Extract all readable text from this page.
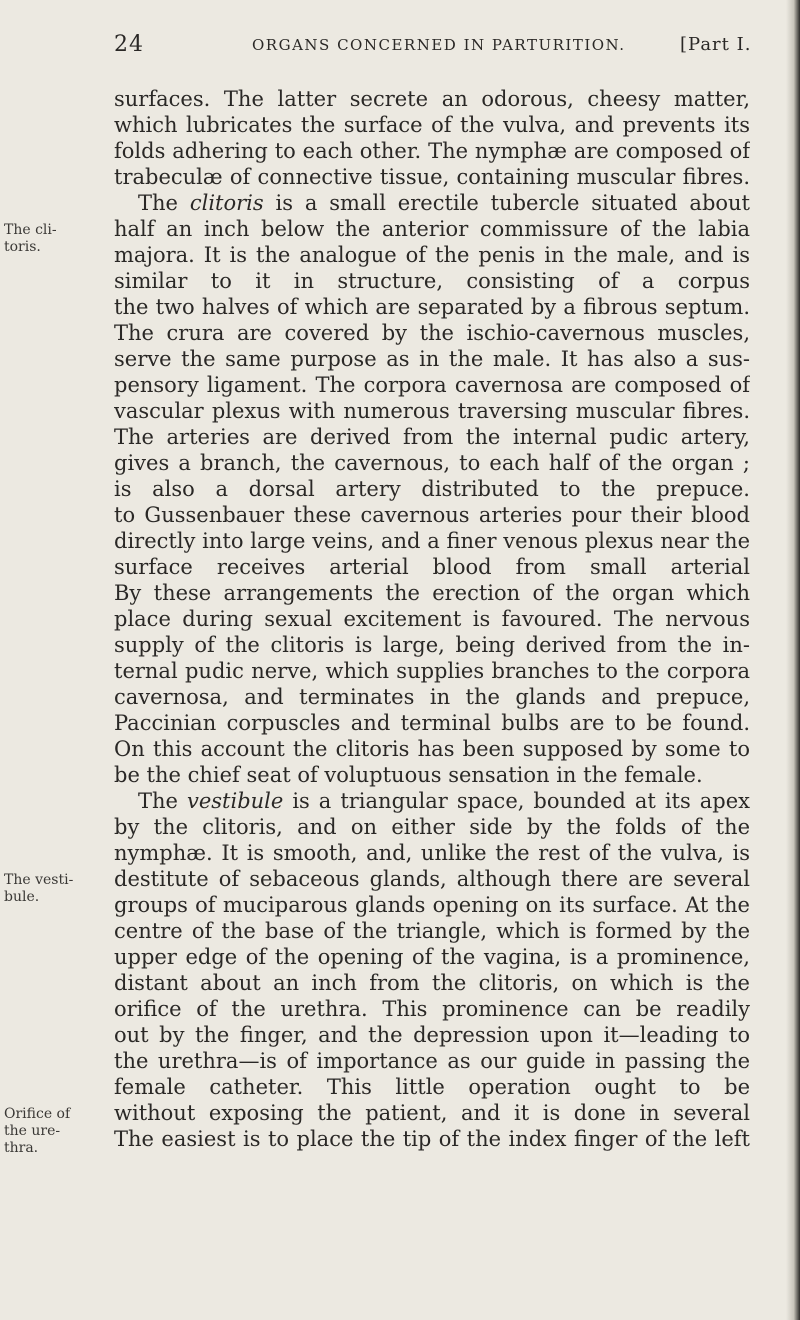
24	ORGANS CONCERNED IN PARTURITION.	[Part I.
The cli-
toris.
The vesti-
bule.
Orifice of
the ure-
thra.
surfaces. The latter secrete an odorous, cheesy matter,
which lubricates the surface of the vulva, and prevents its
folds adhering to each other. The nymphæ are composed of
trabeculæ of connective tissue, containing muscular fibres.
The clitoris is a small erectile tubercle situated about
half an inch below the anterior commissure of the labia
majora. It is the analogue of the penis in the male, and is
similar to it in structure, consisting of a corpus
the two halves of which are separated by a fibrous septum.
The crura are covered by the ischio-cavernous muscles,
serve the same purpose as in the male. It has also a sus-
pensory ligament. The corpora cavernosa are composed of
vascular plexus with numerous traversing muscular fibres.
The arteries are derived from the internal pudic artery,
gives a branch, the cavernous, to each half of the organ ;
is also a dorsal artery distributed to the prepuce.
to Gussenbauer these cavernous arteries pour their blood
directly into large veins, and a finer venous plexus near the
surface receives arterial blood from small arterial
By these arrangements the erection of the organ which
place during sexual excitement is favoured. The nervous
supply of the clitoris is large, being derived from the in-
ternal pudic nerve, which supplies branches to the corpora
cavernosa, and terminates in the glands and prepuce,
Paccinian corpuscles and terminal bulbs are to be found.
On this account the clitoris has been supposed by some to
be the chief seat of voluptuous sensation in the female.
The vestibule is a triangular space, bounded at its apex
by the clitoris, and on either side by the folds of the
nymphæ. It is smooth, and, unlike the rest of the vulva, is
destitute of sebaceous glands, although there are several
groups of muciparous glands opening on its surface. At the
centre of the base of the triangle, which is formed by the
upper edge of the opening of the vagina, is a prominence,
distant about an inch from the clitoris, on which is the
orifice of the urethra. This prominence can be readily
out by the finger, and the depression upon it—leading to
the urethra—is of importance as our guide in passing the
female catheter. This little operation ought to be
without exposing the patient, and it is done in several
The easiest is to place the tip of the index finger of the left
